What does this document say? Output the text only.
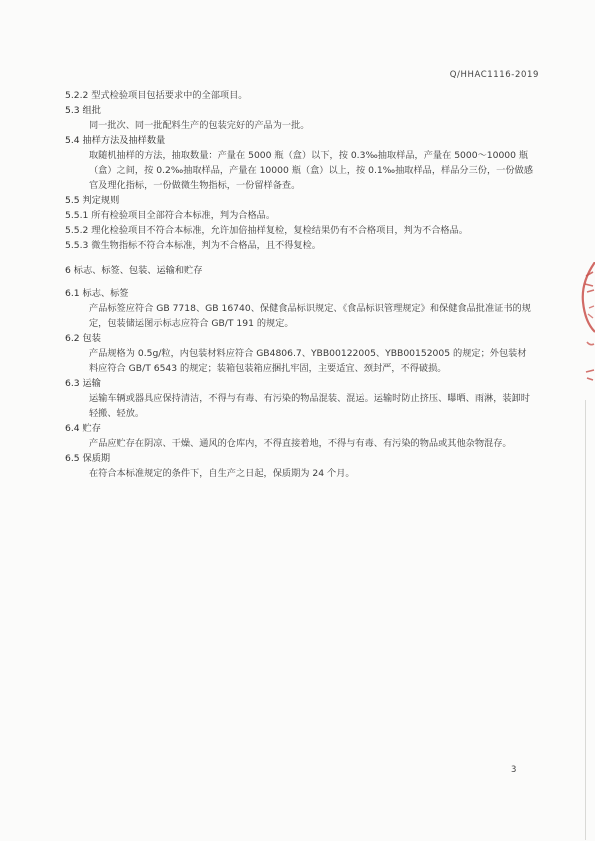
Q/HHAC1116-2019
5.2.2 型式检验项目包括要求中的全部项目。
5.3 组批
同一批次、同一批配料生产的包装完好的产品为一批。
5.4 抽样方法及抽样数量
取随机抽样的方法，抽取数量：产量在 5000 瓶（盒）以下，按 0.3‰抽取样品，产量在 5000～10000 瓶（盒）之间，按 0.2‰抽取样品，产量在 10000 瓶（盒）以上，按 0.1‰抽取样品，样品分三份，一份做感官及理化指标，一份做微生物指标，一份留样备查。
5.5 判定规则
5.5.1 所有检验项目全部符合本标准，判为合格品。
5.5.2 理化检验项目不符合本标准，允许加倍抽样复检，复检结果仍有不合格项目，判为不合格品。
5.5.3 微生物指标不符合本标准，判为不合格品，且不得复检。
6 标志、标签、包装、运输和贮存
6.1 标志、标签
产品标签应符合 GB 7718、GB 16740、保健食品标识规定、《食品标识管理规定》和保健食品批准证书的规定，包装储运图示标志应符合 GB/T 191 的规定。
6.2 包装
产品规格为 0.5g/粒，内包装材料应符合 GB4806.7、YBB00122005、YBB00152005 的规定；外包装材料应符合 GB/T 6543 的规定；装箱包装箱应捆扎牢固，主要适宜、颈封严，不得破损。
6.3 运输
运输车辆或器具应保持清洁，不得与有毒、有污染的物品混装、混运。运输时防止挤压、曝晒、雨淋，装卸时轻搬、轻放。
6.4 贮存
产品应贮存在阴凉、干燥、通风的仓库内，不得直接着地，不得与有毒、有污染的物品或其他杂物混存。
6.5 保质期
在符合本标准规定的条件下，自生产之日起，保质期为 24 个月。
3
